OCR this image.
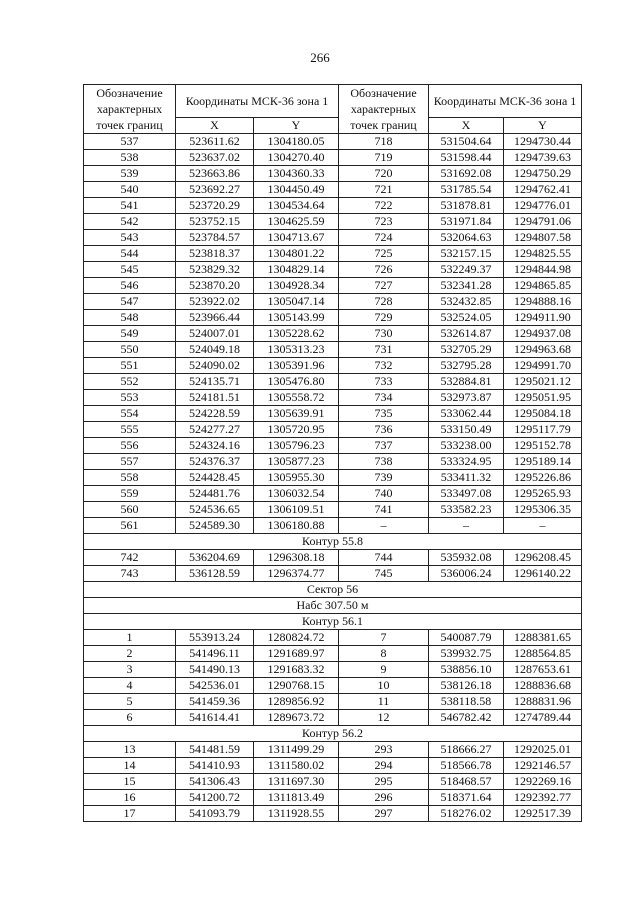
266
Обозначение характерных точек границ	Координаты МСК-36 зона 1		Обозначение характерных точек границ	Координаты МСК-36 зона 1	
	X	Y		X	Y
537	523611.62	1304180.05	718	531504.64	1294730.44
538	523637.02	1304270.40	719	531598.44	1294739.63
539	523663.86	1304360.33	720	531692.08	1294750.29
540	523692.27	1304450.49	721	531785.54	1294762.41
541	523720.29	1304534.64	722	531878.81	1294776.01
542	523752.15	1304625.59	723	531971.84	1294791.06
543	523784.57	1304713.67	724	532064.63	1294807.58
544	523818.37	1304801.22	725	532157.15	1294825.55
545	523829.32	1304829.14	726	532249.37	1294844.98
546	523870.20	1304928.34	727	532341.28	1294865.85
547	523922.02	1305047.14	728	532432.85	1294888.16
548	523966.44	1305143.99	729	532524.05	1294911.90
549	524007.01	1305228.62	730	532614.87	1294937.08
550	524049.18	1305313.23	731	532705.29	1294963.68
551	524090.02	1305391.96	732	532795.28	1294991.70
552	524135.71	1305476.80	733	532884.81	1295021.12
553	524181.51	1305558.72	734	532973.87	1295051.95
554	524228.59	1305639.91	735	533062.44	1295084.18
555	524277.27	1305720.95	736	533150.49	1295117.79
556	524324.16	1305796.23	737	533238.00	1295152.78
557	524376.37	1305877.23	738	533324.95	1295189.14
558	524428.45	1305955.30	739	533411.32	1295226.86
559	524481.76	1306032.54	740	533497.08	1295265.93
560	524536.65	1306109.51	741	533582.23	1295306.35
561	524589.30	1306180.88	–	–	–
Контур 55.8					
742	536204.69	1296308.18	744	535932.08	1296208.45
743	536128.59	1296374.77	745	536006.24	1296140.22
Сектор 56					
Набс 307.50 м					
Контур 56.1					
1	553913.24	1280824.72	7	540087.79	1288381.65
2	541496.11	1291689.97	8	539932.75	1288564.85
3	541490.13	1291683.32	9	538856.10	1287653.61
4	542536.01	1290768.15	10	538126.18	1288836.68
5	541459.36	1289856.92	11	538118.58	1288831.96
6	541614.41	1289673.72	12	546782.42	1274789.44
Контур 56.2					
13	541481.59	1311499.29	293	518666.27	1292025.01
14	541410.93	1311580.02	294	518566.78	1292146.57
15	541306.43	1311697.30	295	518468.57	1292269.16
16	541200.72	1311813.49	296	518371.64	1292392.77
17	541093.79	1311928.55	297	518276.02	1292517.39
